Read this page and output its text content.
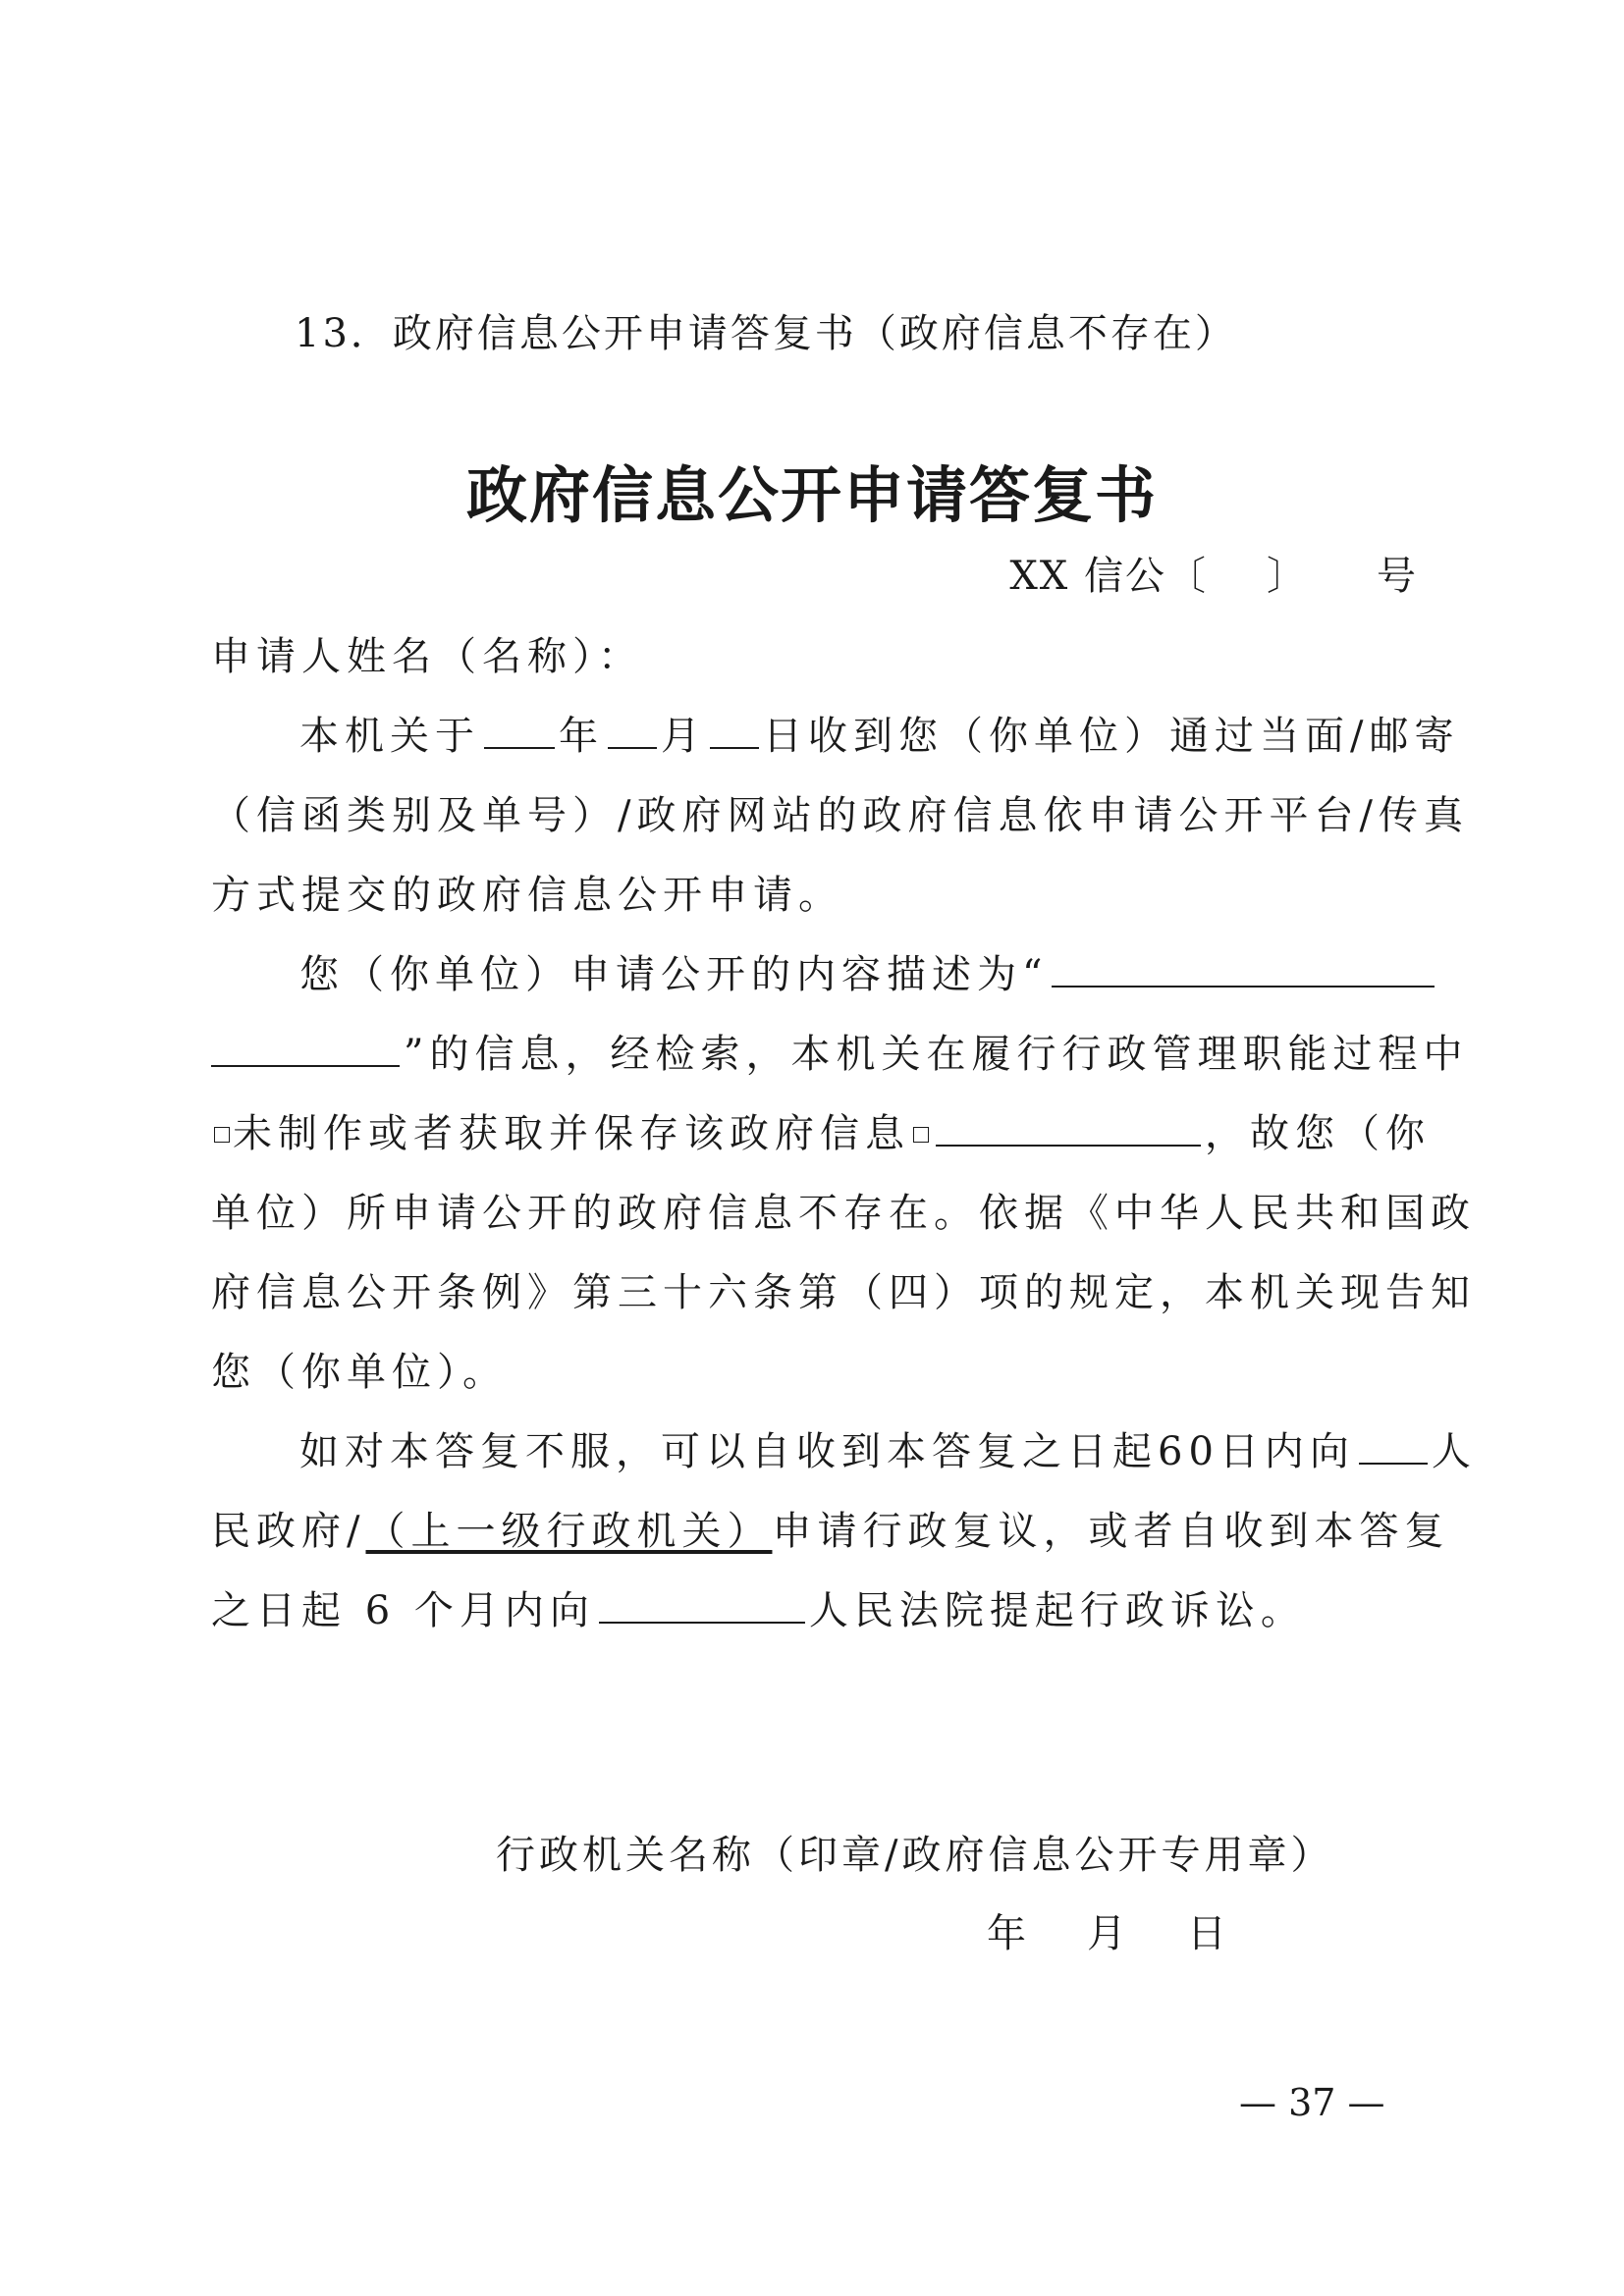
13．政府信息公开申请答复书（政府信息不存在）
政府信息公开申请答复书
XX 信公〔 〕 号
申请人姓名（名称）：
本机关于 年 月 日收到您（你单位）通过当面/邮寄
（信函类别及单号）/政府网站的政府信息依申请公开平台/传真
方式提交的政府信息公开申请。
您（你单位）申请公开的内容描述为“
”的信息，经检索，本机关在履行行政管理职能过程中
未制作或者获取并保存该政府信息	，故您（你
单位）所申请公开的政府信息不存在。依据《中华人民共和国政
府信息公开条例》第三十六条第（四）项的规定，本机关现告知
您（你单位）。
如对本答复不服，可以自收到本答复之日起60日内向 人
民政府/（上一级行政机关）申请行政复议，或者自收到本答复
之日起 6 个月内向	人民法院提起行政诉讼。
行政机关名称（印章/政府信息公开专用章）
年 月 日
— 37 —
